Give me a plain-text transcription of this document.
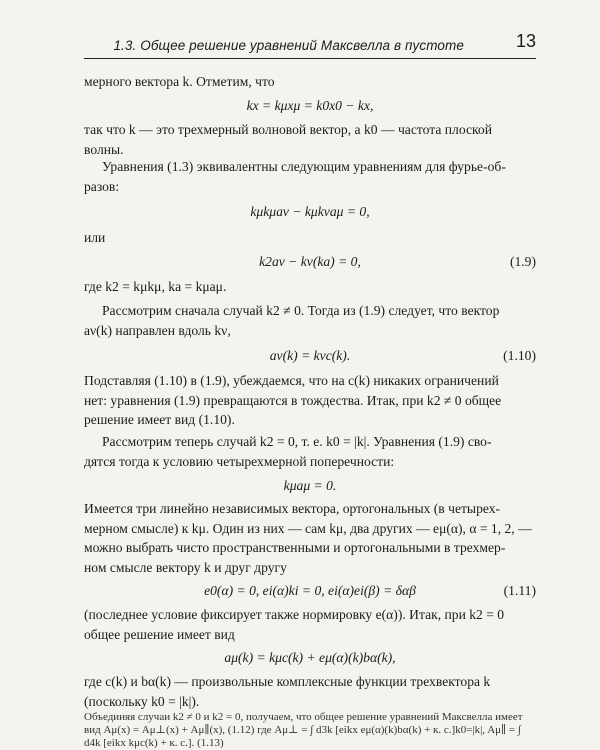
1.3. Общее решение уравнений Максвелла в пустоте	13

мерного вектора k. Отметим, что

kx = kμxμ = k0x0 − kx,

так что k — это трехмерный волновой вектор, а k0 — частота плоской

волны.

Уравнения (1.3) эквивалентны следующим уравнениям для фурье-об-

разов:

kμkμaν − kμkνaμ = 0,

или

k2aν − kν(ka) = 0,	(1.9)

где k2 = kμkμ, ka = kμaμ.

Рассмотрим сначала случай k2 ≠ 0. Тогда из (1.9) следует, что вектор

aν(k) направлен вдоль kν,

aν(k) = kνc(k).	(1.10)

Подставляя (1.10) в (1.9), убеждаемся, что на c(k) никаких ограничений

нет: уравнения (1.9) превращаются в тождества. Итак, при k2 ≠ 0 общее

решение имеет вид (1.10).

Рассмотрим теперь случай k2 = 0, т. е. k0 = |k|. Уравнения (1.9) сво-

дятся тогда к условию четырехмерной поперечности:

kμaμ = 0.

Имеется три линейно независимых вектора, ортогональных (в четырех-

мерном смысле) к kμ. Один из них — сам kμ, два других — eμ(α), α = 1, 2, —

можно выбрать чисто пространственными и ортогональными в трехмер-

ном смысле вектору k и друг другу

e0(α) = 0, ei(α)ki = 0, ei(α)ei(β) = δαβ	(1.11)

(последнее условие фиксирует также нормировку e(α)). Итак, при k2 = 0

общее решение имеет вид

aμ(k) = kμc(k) + eμ(α)(k)bα(k),

где c(k) и bα(k) — произвольные комплексные функции трехвектора k

(поскольку k0 = |k|).

Объединяя случаи k2 ≠ 0 и k2 = 0, получаем, что общее решение уравнений Максвелла имеет вид Aμ(x) = Aμ⊥(x) + Aμ∥(x), (1.12) где Aμ⊥ = ∫ d3k [eikx eμ(α)(k)bα(k) + к. с.]k0=|k|, Aμ∥ = ∫ d4k [eikx kμc(k) + к. с.]. (1.13)
